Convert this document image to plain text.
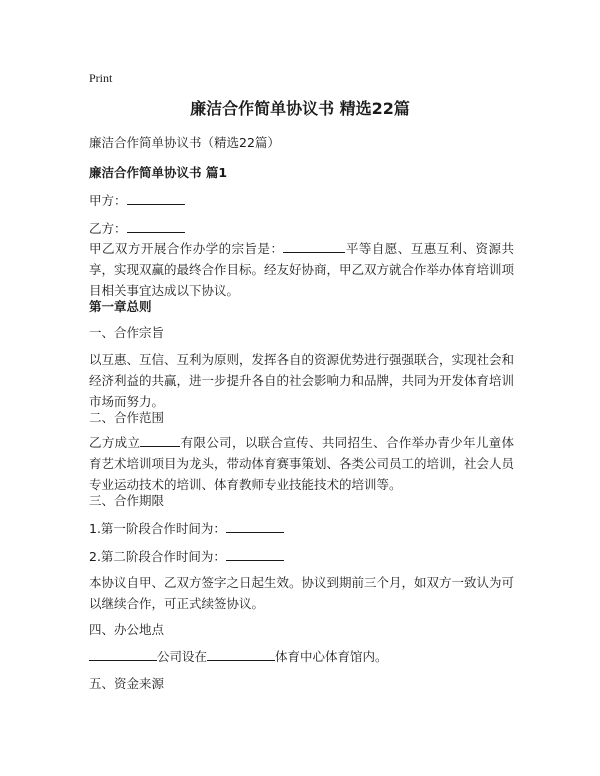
Print

廉洁合作简单协议书 精选22篇

廉洁合作简单协议书（精选22篇）

廉洁合作简单协议书 篇1

甲方：

乙方：

甲乙双方开展合作办学的宗旨是：	平等自愿、互惠互利、资源共享，实现双赢的最终合作目标。经友好协商，甲乙双方就合作举办体育培训项目相关事宜达成以下协议。

第一章总则

一、合作宗旨

以互惠、互信、互利为原则，发挥各自的资源优势进行强强联合，实现社会和经济利益的共赢，进一步提升各自的社会影响力和品牌，共同为开发体育培训市场而努力。

二、合作范围

乙方成立	有限公司，以联合宣传、共同招生、合作举办青少年儿童体育艺术培训项目为龙头，带动体育赛事策划、各类公司员工的培训，社会人员专业运动技术的培训、体育教师专业技能技术的培训等。

三、合作期限

1.第一阶段合作时间为：

2.第二阶段合作时间为：

本协议自甲、乙双方签字之日起生效。协议到期前三个月，如双方一致认为可以继续合作，可正式续签协议。

四、办公地点

公司设在	体育中心体育馆内。

五、资金来源
